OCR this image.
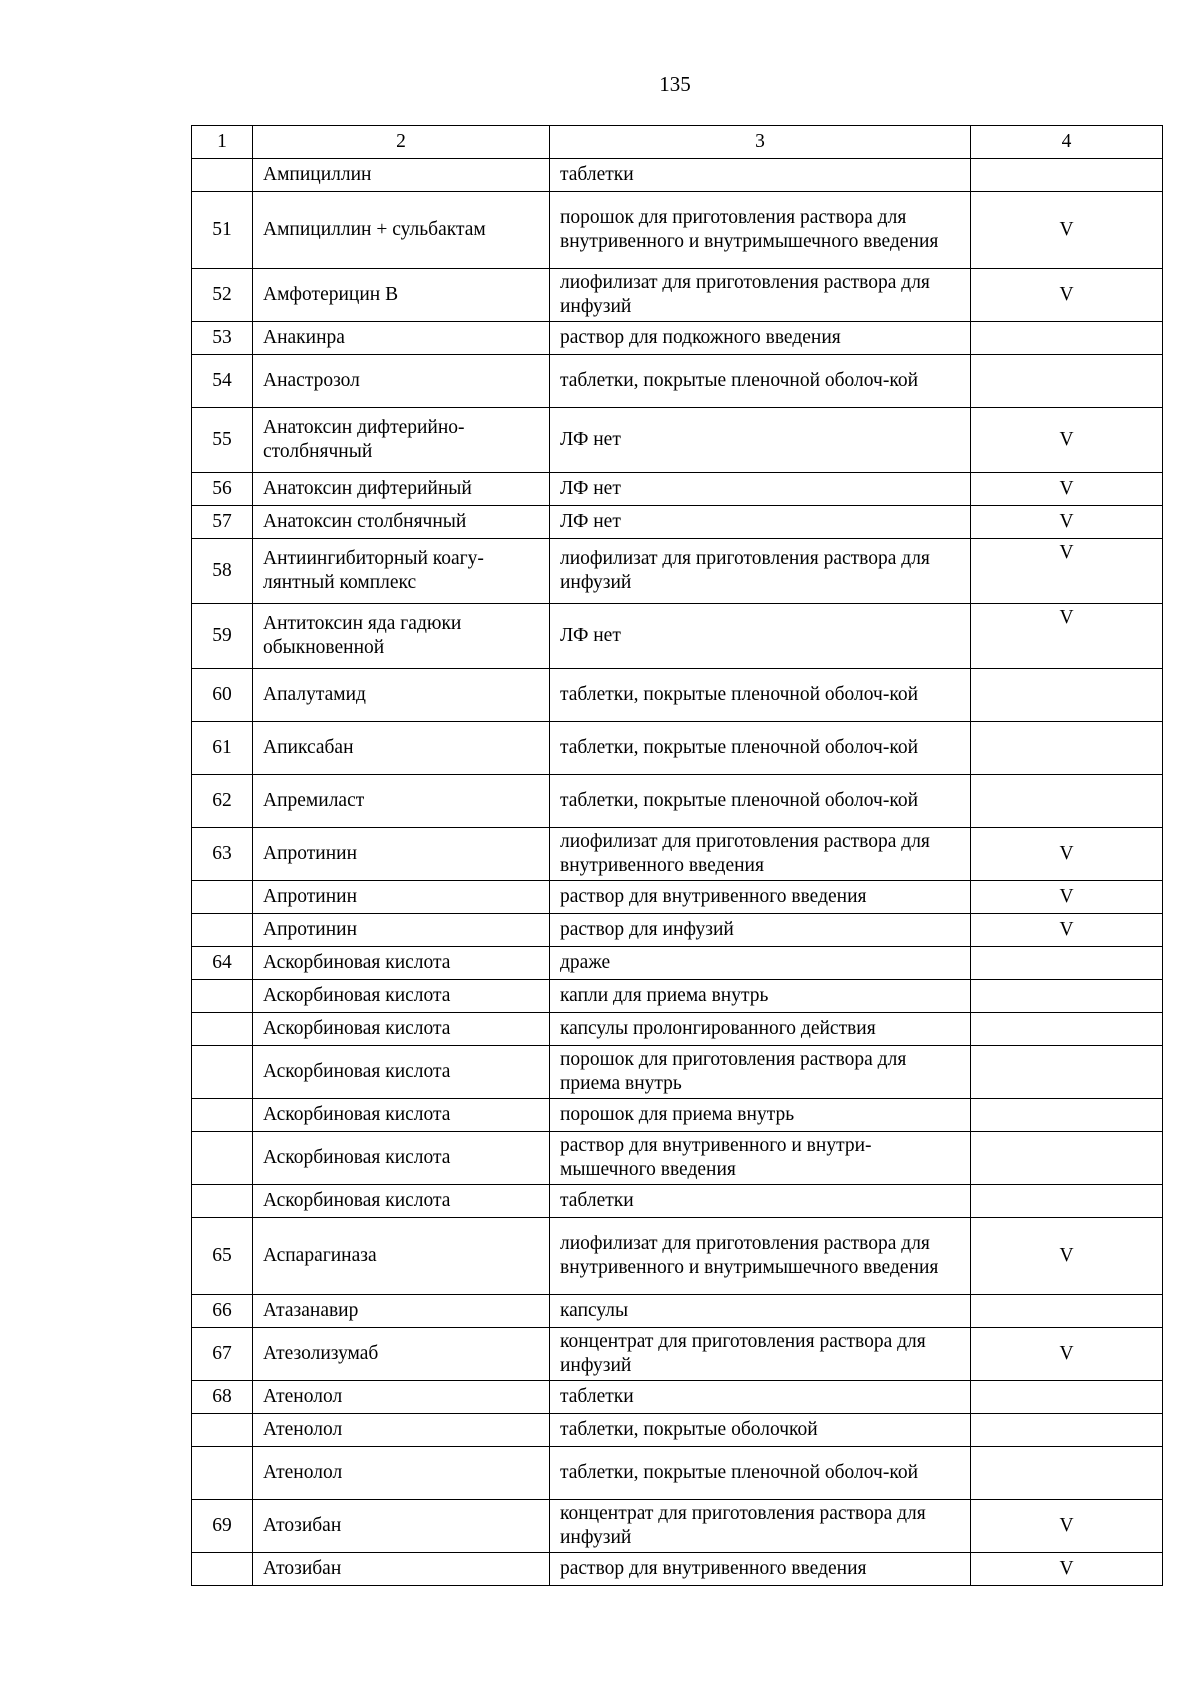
135
1	2	3	4
	Ампициллин	таблетки	
51	Ампициллин + сульбактам	порошок для приготовления раствора для внутривенного и внутримышечного введения	V
52	Амфотерицин В	лиофилизат для приготовления раствора для инфузий	V
53	Анакинра	раствор для подкожного введения	
54	Анастрозол	таблетки, покрытые пленочной оболоч-кой	
55	Анатоксин дифтерийно-столбнячный	ЛФ нет	V
56	Анатоксин дифтерийный	ЛФ нет	V
57	Анатоксин столбнячный	ЛФ нет	V
58	Антиингибиторный коагу-лянтный комплекс	лиофилизат для приготовления раствора для инфузий	V
59	Антитоксин яда гадюки обыкновенной	ЛФ нет	V
60	Апалутамид	таблетки, покрытые пленочной оболоч-кой	
61	Апиксабан	таблетки, покрытые пленочной оболоч-кой	
62	Апремиласт	таблетки, покрытые пленочной оболоч-кой	
63	Апротинин	лиофилизат для приготовления раствора для внутривенного введения	V
	Апротинин	раствор для внутривенного введения	V
	Апротинин	раствор для инфузий	V
64	Аскорбиновая кислота	драже	
	Аскорбиновая кислота	капли для приема внутрь	
	Аскорбиновая кислота	капсулы пролонгированного действия	
	Аскорбиновая кислота	порошок для приготовления раствора для приема внутрь	
	Аскорбиновая кислота	порошок для приема внутрь	
	Аскорбиновая кислота	раствор для внутривенного и внутри-мышечного введения	
	Аскорбиновая кислота	таблетки	
65	Аспарагиназа	лиофилизат для приготовления раствора для внутривенного и внутримышечного введения	V
66	Атазанавир	капсулы	
67	Атезолизумаб	концентрат для приготовления раствора для инфузий	V
68	Атенолол	таблетки	
	Атенолол	таблетки, покрытые оболочкой	
	Атенолол	таблетки, покрытые пленочной оболоч-кой	
69	Атозибан	концентрат для приготовления раствора для инфузий	V
	Атозибан	раствор для внутривенного введения	V
